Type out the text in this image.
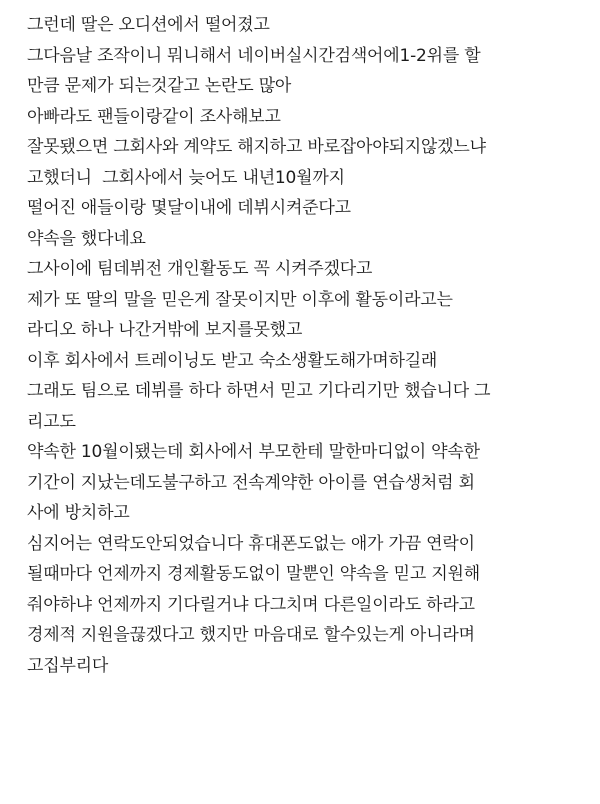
그런데 딸은 오디션에서 떨어졌고
그다음날 조작이니 뭐니해서 네이버실시간검색어에1-2위를 할
만큼 문제가 되는것같고 논란도 많아
아빠라도 팬들이랑같이 조사해보고
잘못됐으면 그회사와 계약도 해지하고 바로잡아야되지않겠느냐
고했더니  그회사에서 늦어도 내년10월까지
떨어진 애들이랑 몇달이내에 데뷔시켜준다고
약속을 했다네요
그사이에 팀데뷔전 개인활동도 꼭 시켜주겠다고
제가 또 딸의 말을 믿은게 잘못이지만 이후에 활동이라고는
라디오 하나 나간거밖에 보지를못했고
이후 회사에서 트레이닝도 받고 숙소생활도해가며하길래
그래도 팀으로 데뷔를 하다 하면서 믿고 기다리기만 했습니다 그
리고도
약속한 10월이됐는데 회사에서 부모한테 말한마디없이 약속한
기간이 지났는데도불구하고 전속계약한 아이를 연습생처럼 회
사에 방치하고
심지어는 연락도안되었습니다 휴대폰도없는 애가 가끔 연락이
될때마다 언제까지 경제활동도없이 말뿐인 약속을 믿고 지원해
줘야하냐 언제까지 기다릴거냐 다그치며 다른일이라도 하라고
경제적 지원을끊겠다고 했지만 마음대로 할수있는게 아니라며
고집부리다
